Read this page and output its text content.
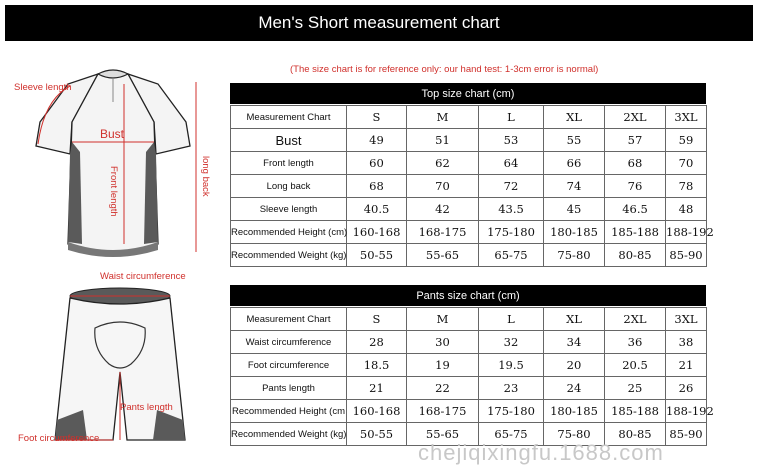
Men's Short measurement chart
(The size chart is for reference only: our hand test: 1-3cm error is normal)
Sleeve length
Bust
Front length	long back
Waist circumference
Pants length
Foot circumference
Top size chart (cm)
Measurement Chart	S	M	L	XL	2XL	3XL
Bust	49	51	53	55	57	59
Front length	60	62	64	66	68	70
Long back	68	70	72	74	76	78
Sleeve length	40.5	42	43.5	45	46.5	48
Recommended Height (cm)	160-168	168-175	175-180	180-185	185-188	188-192
Recommended Weight (kg)	50-55	55-65	65-75	75-80	80-85	85-90
Pants size chart (cm)
Measurement Chart	S	M	L	XL	2XL	3XL
Waist circumference	28	30	32	34	36	38
Foot circumference	18.5	19	19.5	20	20.5	21
Pants length	21	22	23	24	25	26
Recommended Height (cm	160-168	168-175	175-180	180-185	185-188	188-192
Recommended Weight (kg)	50-55	55-65	65-75	75-80	80-85	85-90
chejiqixingfu.1688.com
